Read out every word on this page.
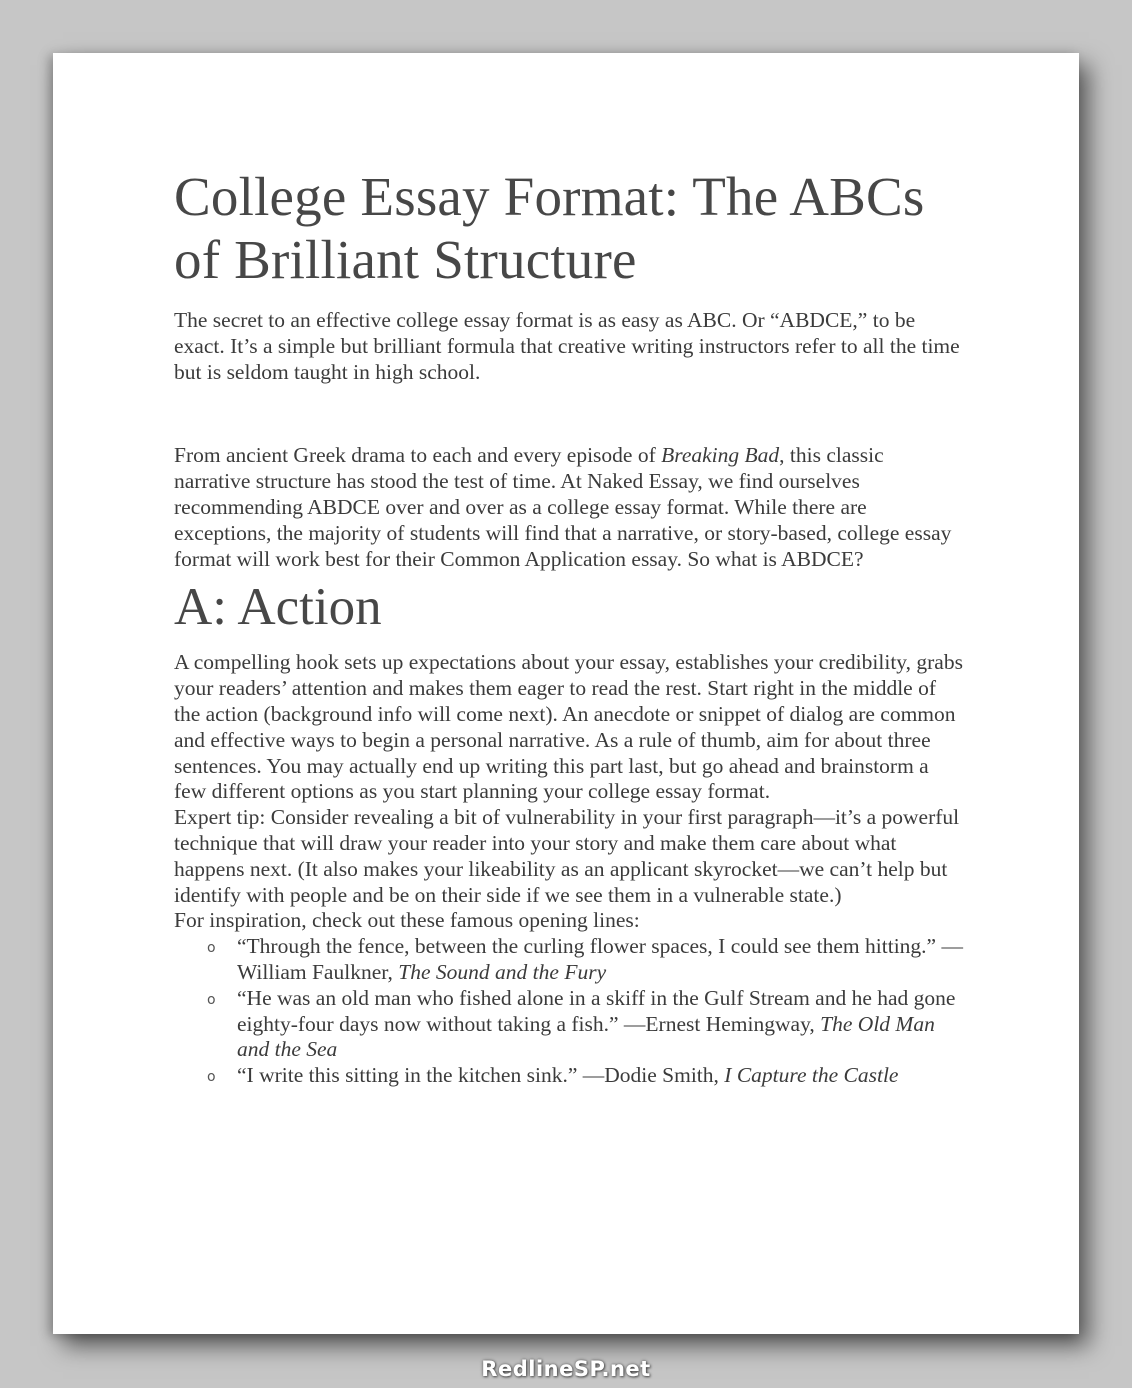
College Essay Format: The ABCs of Brilliant Structure

The secret to an effective college essay format is as easy as ABC. Or “ABDCE,” to be exact. It’s a simple but brilliant formula that creative writing instructors refer to all the time but is seldom taught in high school.

From ancient Greek drama to each and every episode of Breaking Bad, this classic narrative structure has stood the test of time. At Naked Essay, we find ourselves recommending ABDCE over and over as a college essay format. While there are exceptions, the majority of students will find that a narrative, or story-based, college essay format will work best for their Common Application essay. So what is ABDCE?

A: Action

A compelling hook sets up expectations about your essay, establishes your credibility, grabs your readers’ attention and makes them eager to read the rest. Start right in the middle of the action (background info will come next). An anecdote or snippet of dialog are common and effective ways to begin a personal narrative. As a rule of thumb, aim for about three sentences. You may actually end up writing this part last, but go ahead and brainstorm a few different options as you start planning your college essay format.

Expert tip: Consider revealing a bit of vulnerability in your first paragraph—it’s a powerful technique that will draw your reader into your story and make them care about what happens next. (It also makes your likeability as an applicant skyrocket—we can’t help but identify with people and be on their side if we see them in a vulnerable state.)

For inspiration, check out these famous opening lines:

o “Through the fence, between the curling flower spaces, I could see them hitting.” —William Faulkner, The Sound and the Fury
o “He was an old man who fished alone in a skiff in the Gulf Stream and he had gone eighty-four days now without taking a fish.” —Ernest Hemingway, The Old Man and the Sea
o “I write this sitting in the kitchen sink.” —Dodie Smith, I Capture the Castle
RedlineSP.net
